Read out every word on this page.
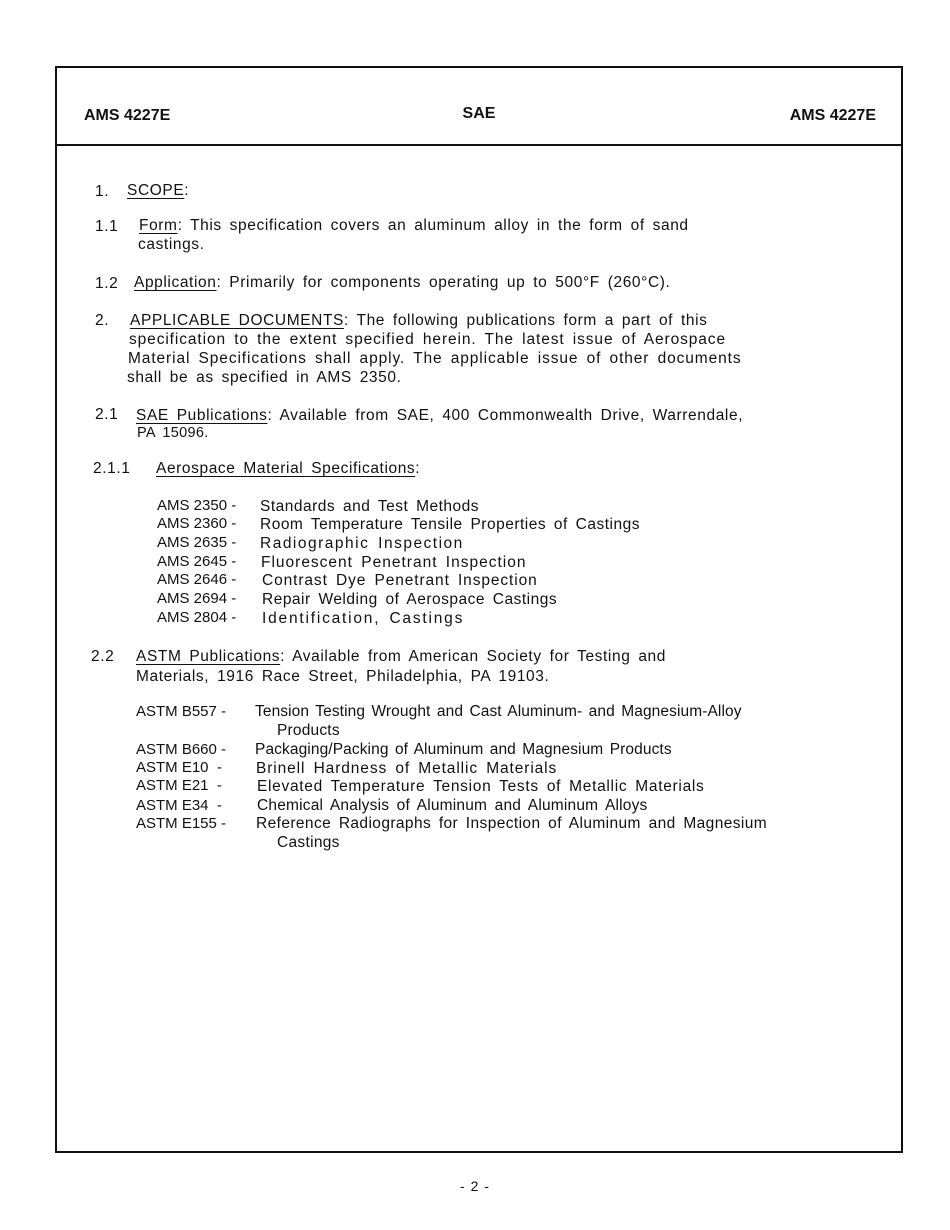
AMS 4227E	SAE	AMS 4227E
1. SCOPE:
1.1 Form: This specification covers an aluminum alloy in the form of sand
castings.
1.2 Application: Primarily for components operating up to 500°F (260°C).
2. APPLICABLE DOCUMENTS: The following publications form a part of this
specification to the extent specified herein. The latest issue of Aerospace
Material Specifications shall apply. The applicable issue of other documents
shall be as specified in AMS 2350.
2.1 SAE Publications: Available from SAE, 400 Commonwealth Drive, Warrendale,
PA 15096.
2.1.1 Aerospace Material Specifications:
AMS 2350 - Standards and Test Methods
AMS 2360 - Room Temperature Tensile Properties of Castings
AMS 2635 - Radiographic Inspection
AMS 2645 - Fluorescent Penetrant Inspection
AMS 2646 - Contrast Dye Penetrant Inspection
AMS 2694 - Repair Welding of Aerospace Castings
AMS 2804 - Identification, Castings
2.2 ASTM Publications: Available from American Society for Testing and
Materials, 1916 Race Street, Philadelphia, PA 19103.
ASTM B557 - Tension Testing Wrought and Cast Aluminum- and Magnesium-Alloy
Products
ASTM B660 - Packaging/Packing of Aluminum and Magnesium Products
ASTM E10  - Brinell Hardness of Metallic Materials
ASTM E21  - Elevated Temperature Tension Tests of Metallic Materials
ASTM E34  - Chemical Analysis of Aluminum and Aluminum Alloys
ASTM E155 - Reference Radiographs for Inspection of Aluminum and Magnesium
Castings
- 2 -
